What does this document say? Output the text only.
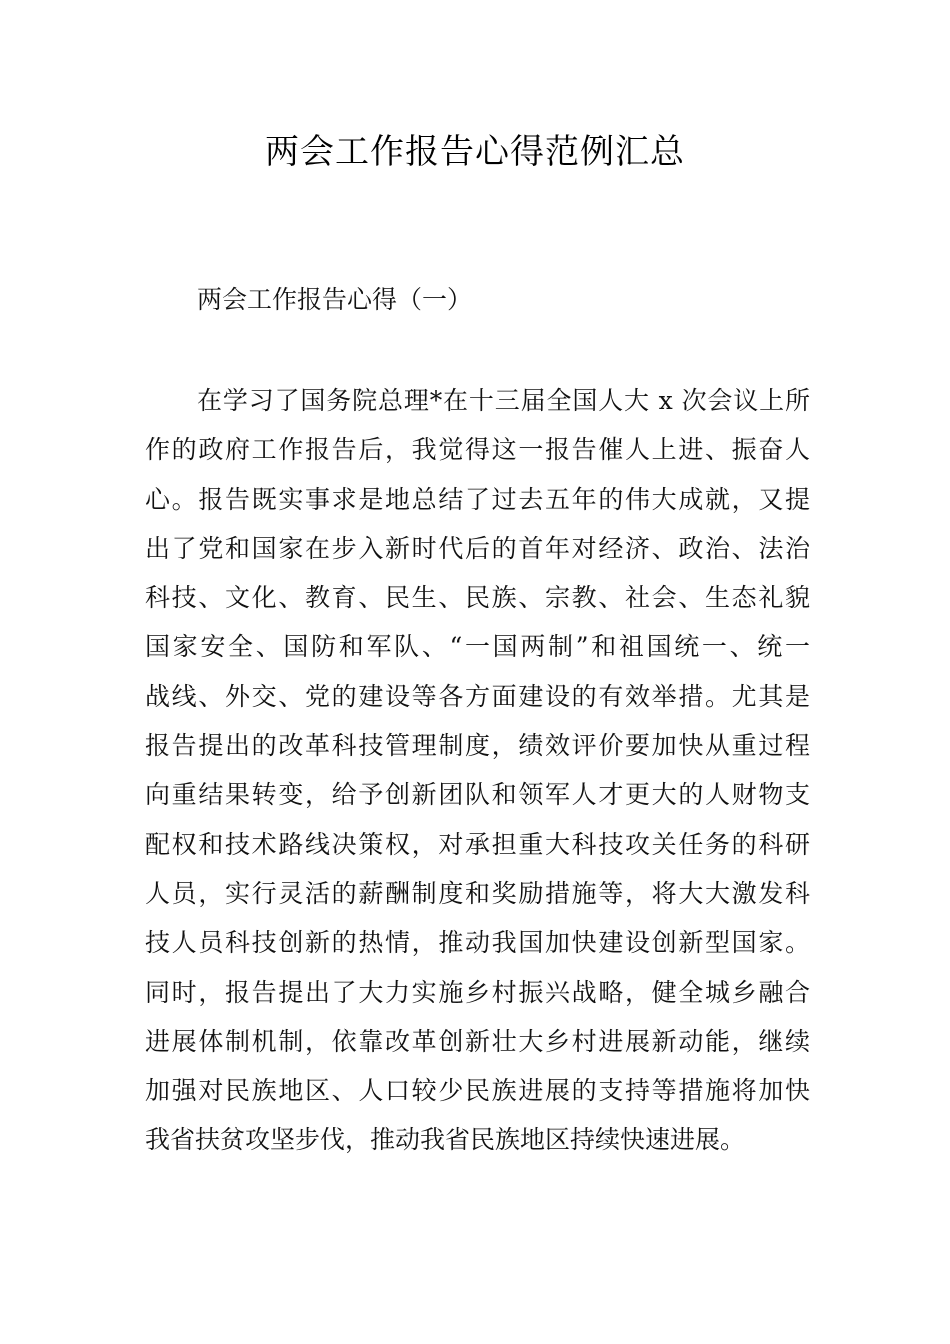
两会工作报告心得范例汇总

两会工作报告心得（一）

在学习了国务院总理*在十三届全国人大 x 次会议上所
作的政府工作报告后，我觉得这一报告催人上进、振奋人
心。报告既实事求是地总结了过去五年的伟大成就，又提
出了党和国家在步入新时代后的首年对经济、政治、法治
科技、文化、教育、民生、民族、宗教、社会、生态礼貌
国家安全、国防和军队、“一国两制”和祖国统一、统一
战线、外交、党的建设等各方面建设的有效举措。尤其是
报告提出的改革科技管理制度，绩效评价要加快从重过程
向重结果转变，给予创新团队和领军人才更大的人财物支
配权和技术路线决策权，对承担重大科技攻关任务的科研
人员，实行灵活的薪酬制度和奖励措施等，将大大激发科
技人员科技创新的热情，推动我国加快建设创新型国家。
同时，报告提出了大力实施乡村振兴战略，健全城乡融合
进展体制机制，依靠改革创新壮大乡村进展新动能，继续
加强对民族地区、人口较少民族进展的支持等措施将加快
我省扶贫攻坚步伐，推动我省民族地区持续快速进展。
